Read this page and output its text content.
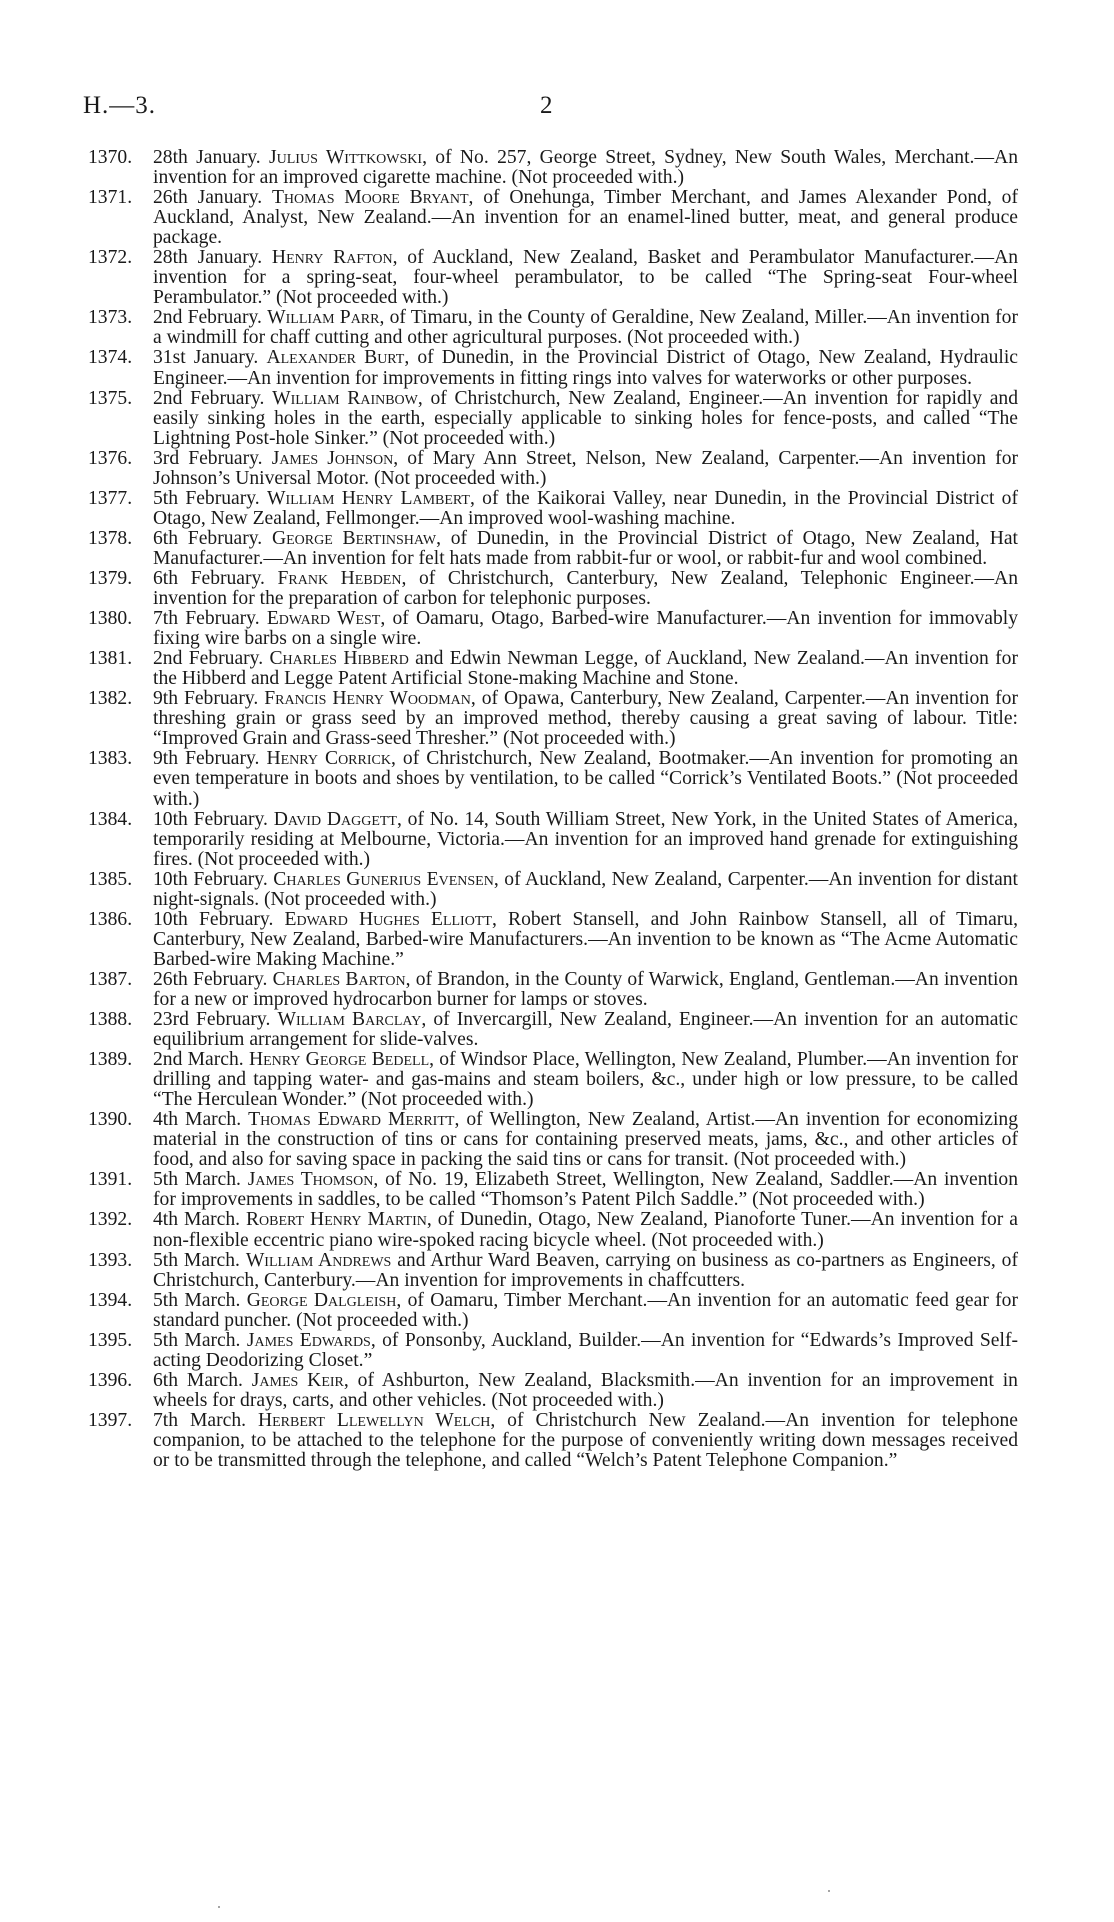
H.—3.	2
1370.	28th January. Julius Wittkowski, of No. 257, George Street, Sydney, New South Wales, Merchant.—An invention for an improved cigarette machine. (Not proceeded with.)
1371.	26th January. Thomas Moore Bryant, of Onehunga, Timber Merchant, and James Alexander Pond, of Auckland, Analyst, New Zealand.—An invention for an enamel-lined butter, meat, and general produce package.
1372.	28th January. Henry Rafton, of Auckland, New Zealand, Basket and Perambulator Manufacturer.—An invention for a spring-seat, four-wheel perambulator, to be called “The Spring-seat Four-wheel Perambulator.” (Not proceeded with.)
1373.	2nd February. William Parr, of Timaru, in the County of Geraldine, New Zealand, Miller.—An invention for a windmill for chaff cutting and other agricultural purposes. (Not proceeded with.)
1374.	31st January. Alexander Burt, of Dunedin, in the Provincial District of Otago, New Zealand, Hydraulic Engineer.—An invention for improvements in fitting rings into valves for waterworks or other purposes.
1375.	2nd February. William Rainbow, of Christchurch, New Zealand, Engineer.—An invention for rapidly and easily sinking holes in the earth, especially applicable to sinking holes for fence-posts, and called “The Lightning Post-hole Sinker.” (Not proceeded with.)
1376.	3rd February. James Johnson, of Mary Ann Street, Nelson, New Zealand, Carpenter.—An invention for Johnson’s Universal Motor. (Not proceeded with.)
1377.	5th February. William Henry Lambert, of the Kaikorai Valley, near Dunedin, in the Provincial District of Otago, New Zealand, Fellmonger.—An improved wool-washing machine.
1378.	6th February. George Bertinshaw, of Dunedin, in the Provincial District of Otago, New Zealand, Hat Manufacturer.—An invention for felt hats made from rabbit-fur or wool, or rabbit-fur and wool combined.
1379.	6th February. Frank Hebden, of Christchurch, Canterbury, New Zealand, Telephonic Engineer.—An invention for the preparation of carbon for telephonic purposes.
1380.	7th February. Edward West, of Oamaru, Otago, Barbed-wire Manufacturer.—An invention for immovably fixing wire barbs on a single wire.
1381.	2nd February. Charles Hibberd and Edwin Newman Legge, of Auckland, New Zealand.—An invention for the Hibberd and Legge Patent Artificial Stone-making Machine and Stone.
1382.	9th February. Francis Henry Woodman, of Opawa, Canterbury, New Zealand, Carpenter.—An invention for threshing grain or grass seed by an improved method, thereby causing a great saving of labour. Title: “Improved Grain and Grass-seed Thresher.” (Not proceeded with.)
1383.	9th February. Henry Corrick, of Christchurch, New Zealand, Bootmaker.—An invention for promoting an even temperature in boots and shoes by ventilation, to be called “Corrick’s Ventilated Boots.” (Not proceeded with.)
1384.	10th February. David Daggett, of No. 14, South William Street, New York, in the United States of America, temporarily residing at Melbourne, Victoria.—An invention for an improved hand grenade for extinguishing fires. (Not proceeded with.)
1385.	10th February. Charles Gunerius Evensen, of Auckland, New Zealand, Carpenter.—An invention for distant night-signals. (Not proceeded with.)
1386.	10th February. Edward Hughes Elliott, Robert Stansell, and John Rainbow Stansell, all of Timaru, Canterbury, New Zealand, Barbed-wire Manufacturers.—An invention to be known as “The Acme Automatic Barbed-wire Making Machine.”
1387.	26th February. Charles Barton, of Brandon, in the County of Warwick, England, Gentleman.—An invention for a new or improved hydrocarbon burner for lamps or stoves.
1388.	23rd February. William Barclay, of Invercargill, New Zealand, Engineer.—An invention for an automatic equilibrium arrangement for slide-valves.
1389.	2nd March. Henry George Bedell, of Windsor Place, Wellington, New Zealand, Plumber.—An invention for drilling and tapping water- and gas-mains and steam boilers, &c., under high or low pressure, to be called “The Herculean Wonder.” (Not proceeded with.)
1390.	4th March. Thomas Edward Merritt, of Wellington, New Zealand, Artist.—An invention for economizing material in the construction of tins or cans for containing preserved meats, jams, &c., and other articles of food, and also for saving space in packing the said tins or cans for transit. (Not proceeded with.)
1391.	5th March. James Thomson, of No. 19, Elizabeth Street, Wellington, New Zealand, Saddler.—An invention for improvements in saddles, to be called “Thomson’s Patent Pilch Saddle.” (Not proceeded with.)
1392.	4th March. Robert Henry Martin, of Dunedin, Otago, New Zealand, Pianoforte Tuner.—An invention for a non-flexible eccentric piano wire-spoked racing bicycle wheel. (Not proceeded with.)
1393.	5th March. William Andrews and Arthur Ward Beaven, carrying on business as co-partners as Engineers, of Christchurch, Canterbury.—An invention for improvements in chaffcutters.
1394.	5th March. George Dalgleish, of Oamaru, Timber Merchant.—An invention for an automatic feed gear for standard puncher. (Not proceeded with.)
1395.	5th March. James Edwards, of Ponsonby, Auckland, Builder.—An invention for “Edwards’s Improved Self-acting Deodorizing Closet.”
1396.	6th March. James Keir, of Ashburton, New Zealand, Blacksmith.—An invention for an improvement in wheels for drays, carts, and other vehicles. (Not proceeded with.)
1397.	7th March. Herbert Llewellyn Welch, of Christchurch New Zealand.—An invention for telephone companion, to be attached to the telephone for the purpose of conveniently writing down messages received or to be transmitted through the telephone, and called “Welch’s Patent Telephone Companion.”
